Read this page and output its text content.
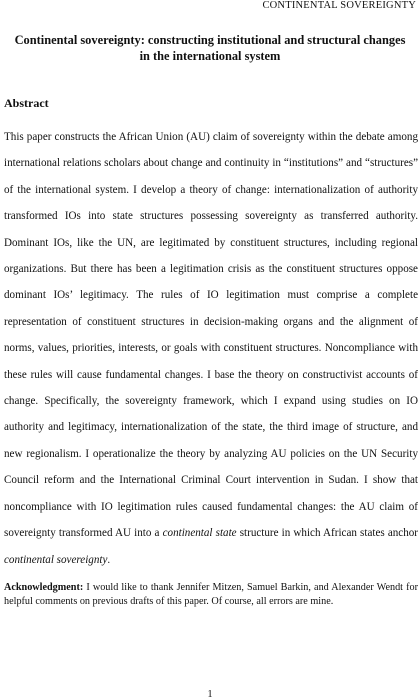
CONTINENTAL SOVEREIGNTY
Continental sovereignty: constructing institutional and structural changes in the international system
Abstract

This paper constructs the African Union (AU) claim of sovereignty within the debate among international relations scholars about change and continuity in “institutions” and “structures” of the international system. I develop a theory of change: internationalization of authority transformed IOs into state structures possessing sovereignty as transferred authority. Dominant IOs, like the UN, are legitimated by constituent structures, including regional organizations. But there has been a legitimation crisis as the constituent structures oppose dominant IOs’ legitimacy. The rules of IO legitimation must comprise a complete representation of constituent structures in decision-making organs and the alignment of norms, values, priorities, interests, or goals with constituent structures. Noncompliance with these rules will cause fundamental changes. I base the theory on constructivist accounts of change. Specifically, the sovereignty framework, which I expand using studies on IO authority and legitimacy, internationalization of the state, the third image of structure, and new regionalism. I operationalize the theory by analyzing AU policies on the UN Security Council reform and the International Criminal Court intervention in Sudan. I show that noncompliance with IO legitimation rules caused fundamental changes: the AU claim of sovereignty transformed AU into a continental state structure in which African states anchor continental sovereignty.

Acknowledgment: I would like to thank Jennifer Mitzen, Samuel Barkin, and Alexander Wendt for helpful comments on previous drafts of this paper. Of course, all errors are mine.

1
